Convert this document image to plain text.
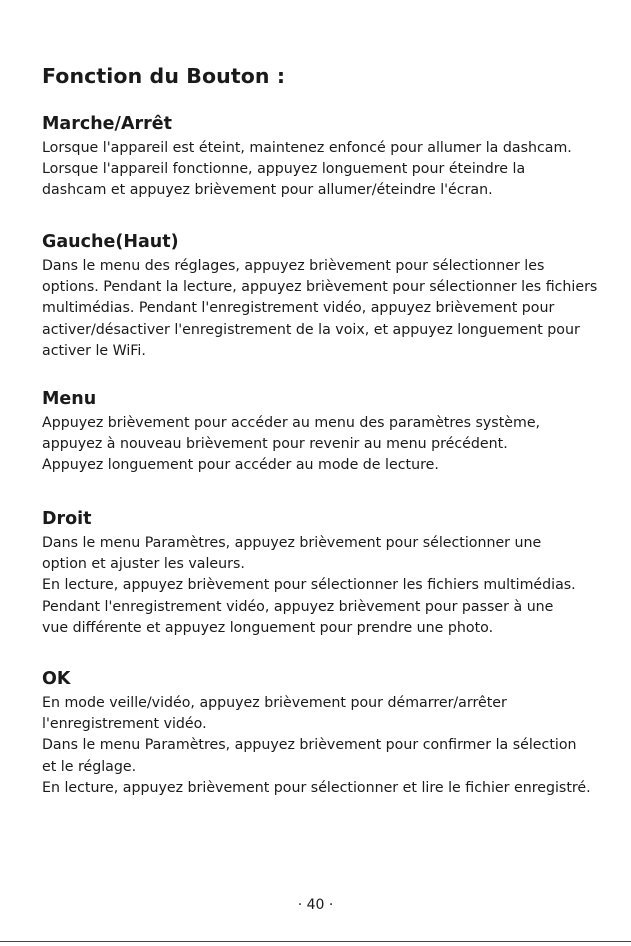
Fonction du Bouton :
Marche/Arrêt

Lorsque l'appareil est éteint, maintenez enfoncé pour allumer la dashcam.

Lorsque l'appareil fonctionne, appuyez longuement pour éteindre la

dashcam et appuyez brièvement pour allumer/éteindre l'écran.

Gauche(Haut)

Dans le menu des réglages, appuyez brièvement pour sélectionner les

options. Pendant la lecture, appuyez brièvement pour sélectionner les fichiers

multimédias. Pendant l'enregistrement vidéo, appuyez brièvement pour

activer/désactiver l'enregistrement de la voix, et appuyez longuement pour

activer le WiFi.

Menu

Appuyez brièvement pour accéder au menu des paramètres système,

appuyez à nouveau brièvement pour revenir au menu précédent.

Appuyez longuement pour accéder au mode de lecture.

Droit

Dans le menu Paramètres, appuyez brièvement pour sélectionner une

option et ajuster les valeurs.

En lecture, appuyez brièvement pour sélectionner les fichiers multimédias.

Pendant l'enregistrement vidéo, appuyez brièvement pour passer à une

vue différente et appuyez longuement pour prendre une photo.

OK

En mode veille/vidéo, appuyez brièvement pour démarrer/arrêter

l'enregistrement vidéo.

Dans le menu Paramètres, appuyez brièvement pour confirmer la sélection

et le réglage.

En lecture, appuyez brièvement pour sélectionner et lire le fichier enregistré.

· 40 ·
